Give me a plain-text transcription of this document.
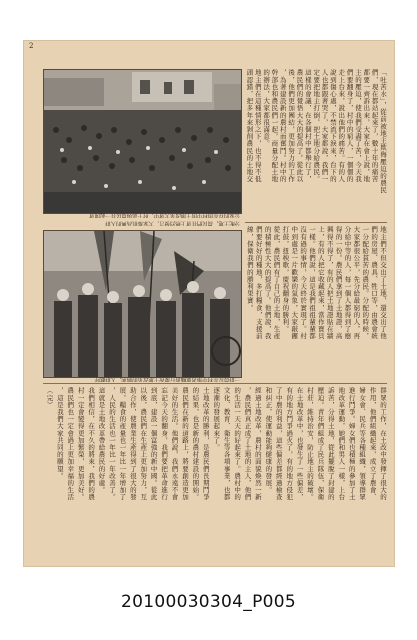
2
公家的存在的村中的土地改革大會中，村干部與農民在一起開會
分配土地，農民們在會上熱烈發言，大家都很高興的人群
一群農民在村中舉著旗幟遊行慶祝土地改革的勝利，人群歡呼
「吐苦水」，從前被地主欺侮壓迫的農民
們，現在都站起來了，數十年的痛苦
都要一齊訴出來，大家在會上說，地
主的壓迫，使我們受盡了苦，今天我
們要翻身了，村中的窮人，一個個的
走上台來，說出他們的痛苦。有的人
說到傷心處，不禁流下淚來，台下的
人也都跟著哭了，大家都說，我們一
定要把地主打倒，把土地分給農民。
這樣的會議，在各個村中都舉行了，
農民們的覺悟大大的提高了。從此以
後，他們更加團結，更加努力的工作
，為著建設新的農村而奮鬥。村中的
幹部也和農民們一起，商量分配土地
的辦法，大家都很滿意。
地主們在這種情形之下，也不得不低
頭認錯，把多年來剝削農民的土地交
地主們不但交出了土地，還交出了他
們的房屋、農具、牲口等，由農會統
一分配給貧苦的農民。分配的時候，
大家都很公平，先分給最窮的人，再
分給中等的人，每一個人都得到了應
得的一份。農民們拿到了土地證，高
興得不得了，有的人把土地證貼在牆
上，有的人把它收藏起來，當作寶貝
一樣。他們說，這是我們祖祖輩輩都
沒有過的事情，今天終於實現了。村
中到處是一片歡樂的氣象，大家敲鑼
打鼓，扭秧歌，慶祝翻身的勝利。
從此，農民們有了自己的土地，生產
的積極性大大的提高了。他們說，我
們要好好的種地，多打糧食，支援前
線，保衛我們的勝利果實。
群眾的工作，在土改中發揮了很大的
作用，他們組織起來，成立了農會、
婦女會、民兵等各種組織，領導群眾
進行鬥爭。婦女們也積極的參加了土
地改革運動，她們和男人一樣，上台
訴苦，分得土地，從此擺脫了封建的
壓迫。青年們組成了民兵隊伍，保衛
村莊，維持治安，防止地主的破壞。
在土地改革中，也發生了一些偏差，
有的地方鬥爭過火了，有的地方侵犯
了中農的利益，這些偏差都經過檢查
和糾正，使運動能夠健康的發展。
經過土地改革，農村的面貌煥然一新
，農民們真正成了土地的主人，他們
的生活一天天的好起來了。農村中的
文化、教育、衛生等各項事業，也都
逐漸的發展起來了。
土地改革的勝利，是農民們長期鬥爭
的結果，也是新的農村建設的開始。
農民們在新的道路上，將要創造更加
美好的生活。他們說，我們永遠不會
忘記今天的翻身，我們要把革命進行
到底，建設一個富強的新中國。從此
以後，農民們在生產上更加努力，互
助合作，使農業生產得到了很大的發
展，糧食的產量也一年比一年增加了
，人民的生活也一年比一年改善了。
這就是土地改革帶給農民的好處。
我們相信，在不久的將來，我們的農
村一定會變得更加繁榮，更加美好。
農民們也一定會過上更加幸福的生活
，這是我們大家共同的願望。
（完）
20100030304_P005
